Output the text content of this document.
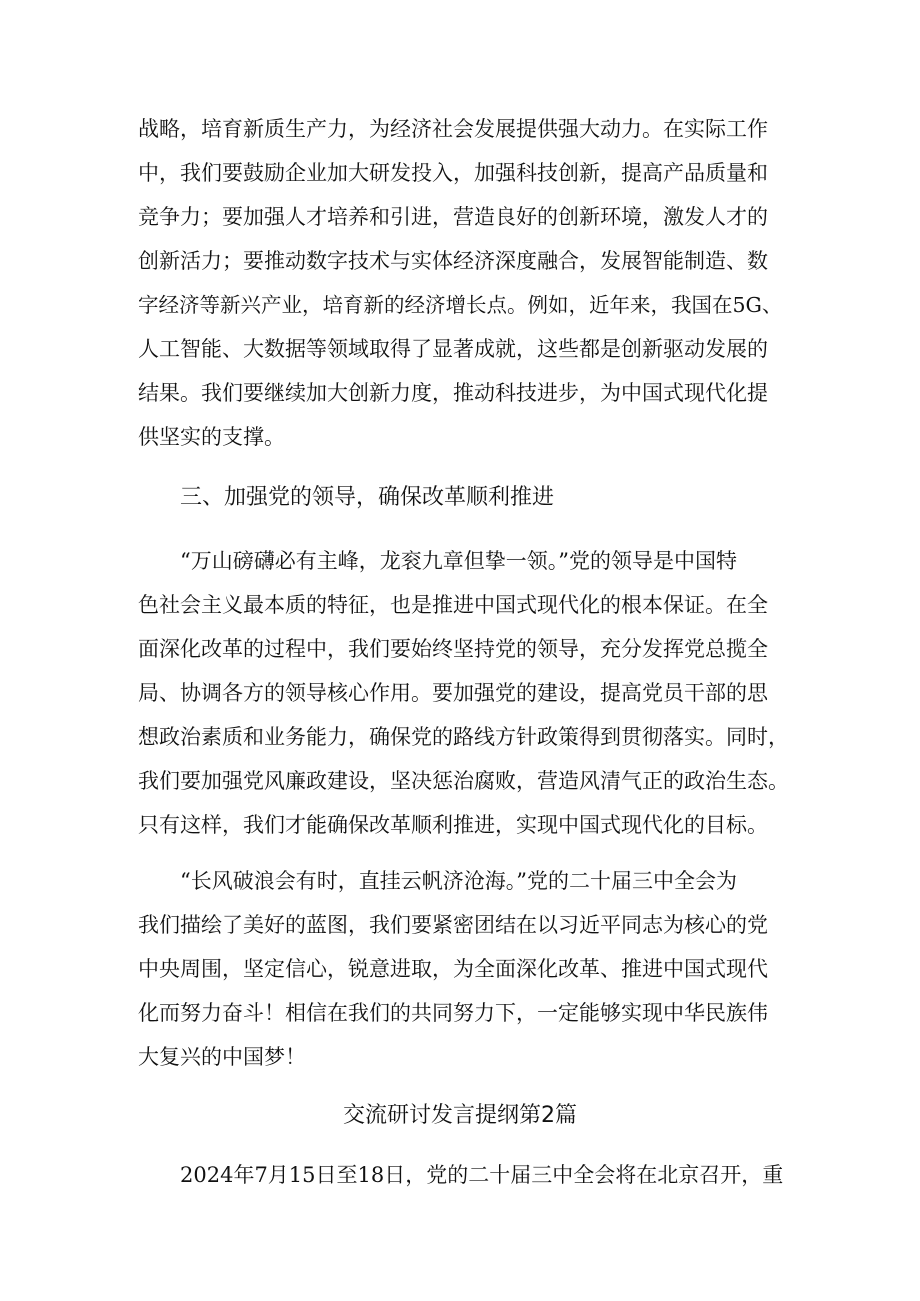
战略，培育新质生产力，为经济社会发展提供强大动力。在实际工作
中，我们要鼓励企业加大研发投入，加强科技创新，提高产品质量和
竞争力；要加强人才培养和引进，营造良好的创新环境，激发人才的
创新活力；要推动数字技术与实体经济深度融合，发展智能制造、数
字经济等新兴产业，培育新的经济增长点。例如，近年来，我国在5G、
人工智能、大数据等领域取得了显著成就，这些都是创新驱动发展的
结果。我们要继续加大创新力度，推动科技进步，为中国式现代化提
供坚实的支撑。
三、加强党的领导，确保改革顺利推进
　　“万山磅礴必有主峰，龙衮九章但挚一领。”党的领导是中国特
色社会主义最本质的特征，也是推进中国式现代化的根本保证。在全
面深化改革的过程中，我们要始终坚持党的领导，充分发挥党总揽全
局、协调各方的领导核心作用。要加强党的建设，提高党员干部的思
想政治素质和业务能力，确保党的路线方针政策得到贯彻落实。同时，
我们要加强党风廉政建设，坚决惩治腐败，营造风清气正的政治生态。
只有这样，我们才能确保改革顺利推进，实现中国式现代化的目标。
　　“长风破浪会有时，直挂云帆济沧海。”党的二十届三中全会为
我们描绘了美好的蓝图，我们要紧密团结在以习近平同志为核心的党
中央周围，坚定信心，锐意进取，为全面深化改革、推进中国式现代
化而努力奋斗！相信在我们的共同努力下，一定能够实现中华民族伟
大复兴的中国梦！
交流研讨发言提纲第2篇
　　2024年7月15日至18日，党的二十届三中全会将在北京召开，重
